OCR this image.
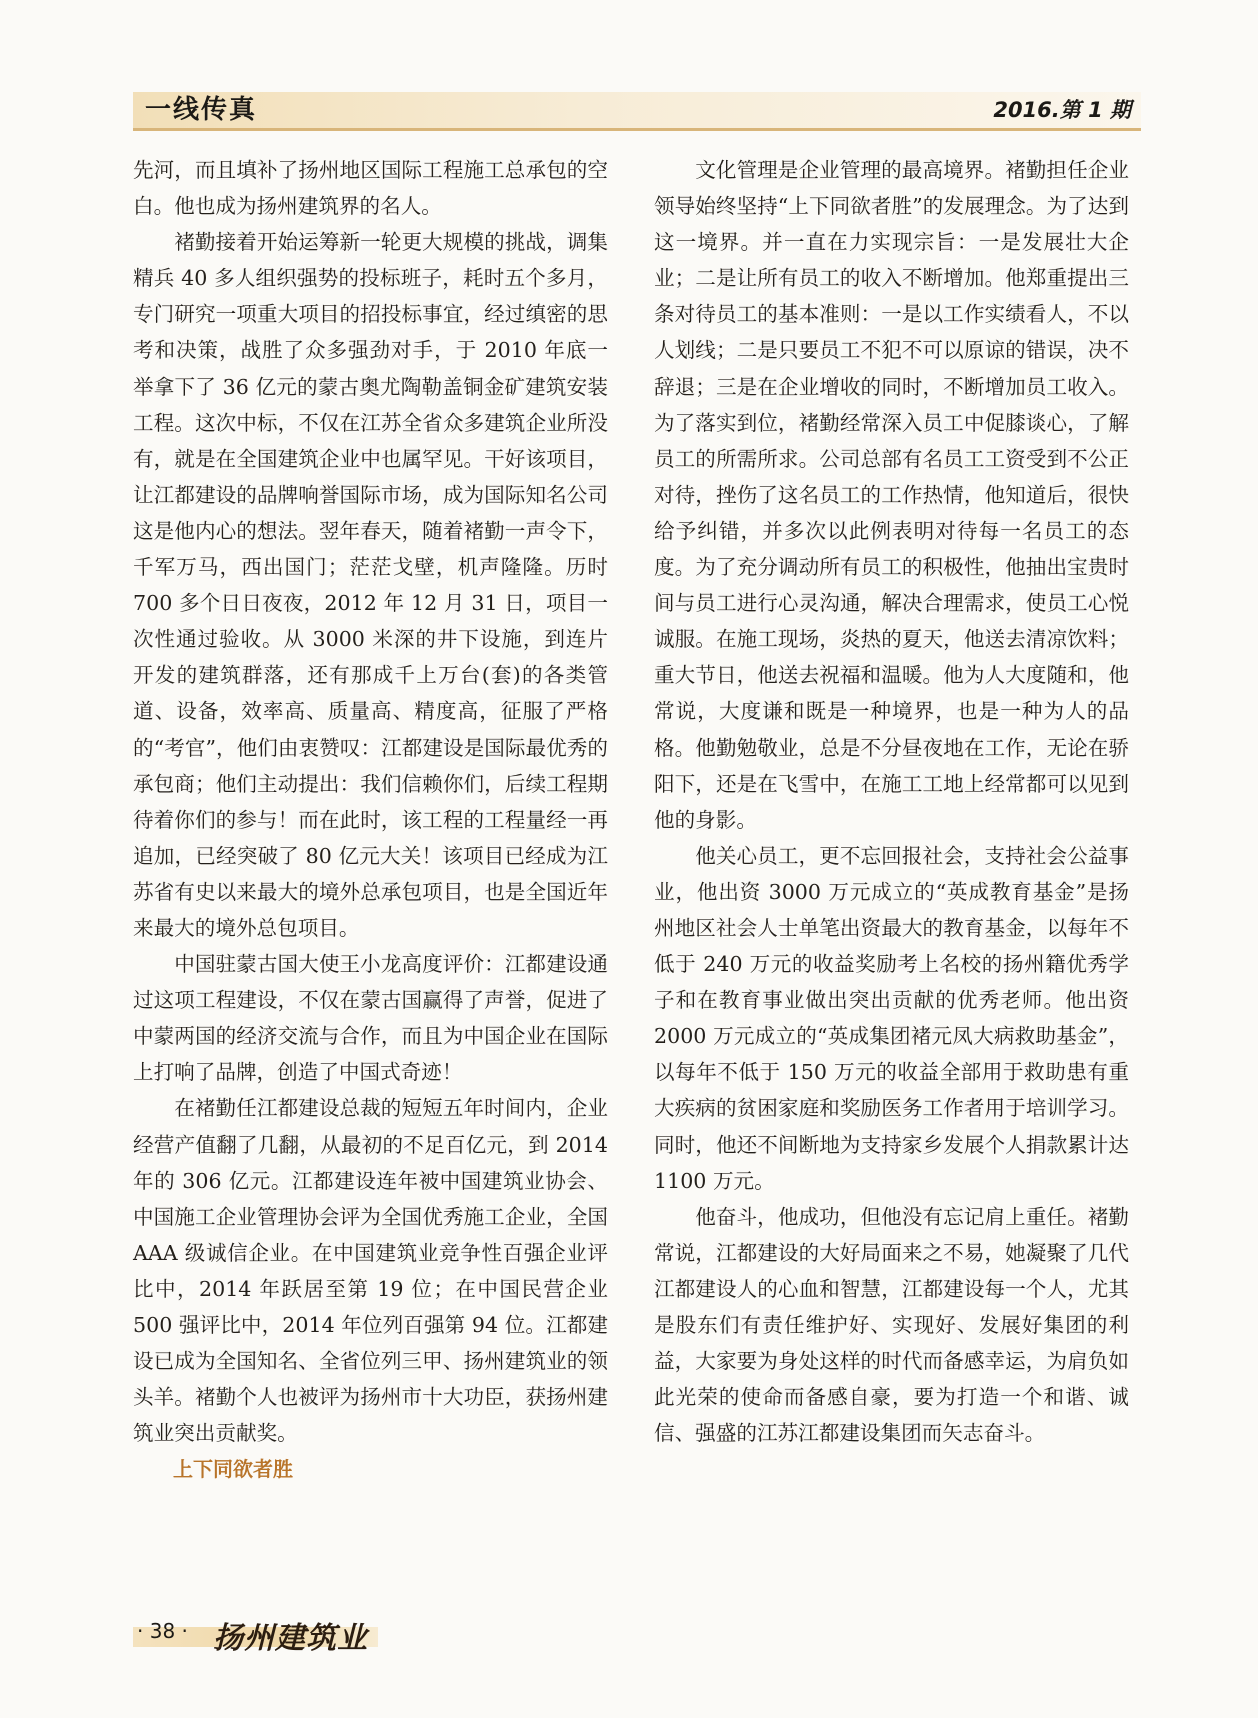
一线传真	2016.第 1 期

先河，而且填补了扬州地区国际工程施工总承包的空白。他也成为扬州建筑界的名人。

褚勤接着开始运筹新一轮更大规模的挑战，调集精兵 40 多人组织强势的投标班子，耗时五个多月，专门研究一项重大项目的招投标事宜，经过缜密的思考和决策，战胜了众多强劲对手，于 2010 年底一举拿下了 36 亿元的蒙古奥尤陶勒盖铜金矿建筑安装工程。这次中标，不仅在江苏全省众多建筑企业所没有，就是在全国建筑企业中也属罕见。干好该项目，让江都建设的品牌响誉国际市场，成为国际知名公司这是他内心的想法。翌年春天，随着褚勤一声令下，千军万马，西出国门；茫茫戈壁，机声隆隆。历时 700 多个日日夜夜，2012 年 12 月 31 日，项目一次性通过验收。从 3000 米深的井下设施，到连片开发的建筑群落，还有那成千上万台(套)的各类管道、设备，效率高、质量高、精度高，征服了严格的“考官”，他们由衷赞叹：江都建设是国际最优秀的承包商；他们主动提出：我们信赖你们，后续工程期待着你们的参与！而在此时，该工程的工程量经一再追加，已经突破了 80 亿元大关！该项目已经成为江苏省有史以来最大的境外总承包项目，也是全国近年来最大的境外总包项目。

中国驻蒙古国大使王小龙高度评价：江都建设通过这项工程建设，不仅在蒙古国赢得了声誉，促进了中蒙两国的经济交流与合作，而且为中国企业在国际上打响了品牌，创造了中国式奇迹！

在褚勤任江都建设总裁的短短五年时间内，企业经营产值翻了几翻，从最初的不足百亿元，到 2014 年的 306 亿元。江都建设连年被中国建筑业协会、中国施工企业管理协会评为全国优秀施工企业，全国 AAA 级诚信企业。在中国建筑业竞争性百强企业评比中，2014 年跃居至第 19 位；在中国民营企业 500 强评比中，2014 年位列百强第 94 位。江都建设已成为全国知名、全省位列三甲、扬州建筑业的领头羊。褚勤个人也被评为扬州市十大功臣，获扬州建筑业突出贡献奖。

上下同欲者胜

文化管理是企业管理的最高境界。褚勤担任企业领导始终坚持“上下同欲者胜”的发展理念。为了达到这一境界。并一直在力实现宗旨：一是发展壮大企业；二是让所有员工的收入不断增加。他郑重提出三条对待员工的基本准则：一是以工作实绩看人，不以人划线；二是只要员工不犯不可以原谅的错误，决不辞退；三是在企业增收的同时，不断增加员工收入。为了落实到位，褚勤经常深入员工中促膝谈心，了解员工的所需所求。公司总部有名员工工资受到不公正对待，挫伤了这名员工的工作热情，他知道后，很快给予纠错，并多次以此例表明对待每一名员工的态度。为了充分调动所有员工的积极性，他抽出宝贵时间与员工进行心灵沟通，解决合理需求，使员工心悦诚服。在施工现场，炎热的夏天，他送去清凉饮料；重大节日，他送去祝福和温暖。他为人大度随和，他常说，大度谦和既是一种境界，也是一种为人的品格。他勤勉敬业，总是不分昼夜地在工作，无论在骄阳下，还是在飞雪中，在施工工地上经常都可以见到他的身影。

他关心员工，更不忘回报社会，支持社会公益事业，他出资 3000 万元成立的“英成教育基金”是扬州地区社会人士单笔出资最大的教育基金，以每年不低于 240 万元的收益奖励考上名校的扬州籍优秀学子和在教育事业做出突出贡献的优秀老师。他出资 2000 万元成立的“英成集团褚元凤大病救助基金”，以每年不低于 150 万元的收益全部用于救助患有重大疾病的贫困家庭和奖励医务工作者用于培训学习。同时，他还不间断地为支持家乡发展个人捐款累计达 1100 万元。

他奋斗，他成功，但他没有忘记肩上重任。褚勤常说，江都建设的大好局面来之不易，她凝聚了几代江都建设人的心血和智慧，江都建设每一个人，尤其是股东们有责任维护好、实现好、发展好集团的利益，大家要为身处这样的时代而备感幸运，为肩负如此光荣的使命而备感自豪，要为打造一个和谐、诚信、强盛的江苏江都建设集团而矢志奋斗。

· 38 · 扬州建筑业
